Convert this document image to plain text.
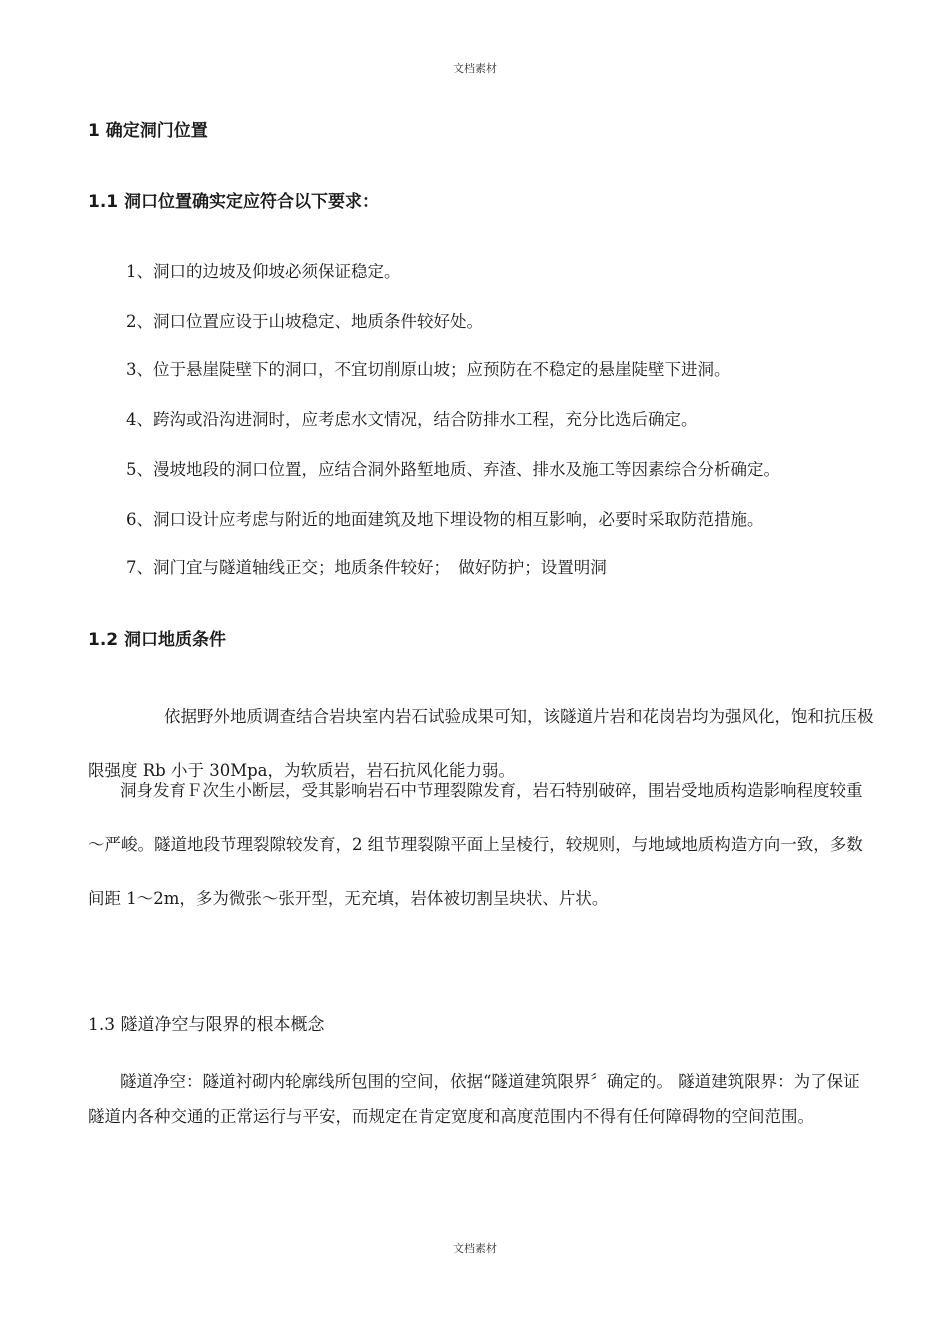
文档素材
1 确定洞门位置
1.1 洞口位置确实定应符合以下要求：
1、洞口的边坡及仰坡必须保证稳定。
2、洞口位置应设于山坡稳定、地质条件较好处。
3、位于悬崖陡壁下的洞口，不宜切削原山坡；应预防在不稳定的悬崖陡壁下进洞。
4、跨沟或沿沟进洞时，应考虑水文情况，结合防排水工程，充分比选后确定。
5、漫坡地段的洞口位置，应结合洞外路堑地质、弃渣、排水及施工等因素综合分析确定。
6、洞口设计应考虑与附近的地面建筑及地下埋设物的相互影响，必要时采取防范措施。
7、洞门宜与隧道轴线正交；地质条件较好；　做好防护；设置明洞
1.2 洞口地质条件
依据野外地质调查结合岩块室内岩石试验成果可知，该隧道片岩和花岗岩均为强风化，饱和抗压极限强度 Rb 小于 30Mpa，为软质岩，岩石抗风化能力弱。
洞身发育Ｆ次生小断层，受其影响岩石中节理裂隙发育，岩石特别破碎，围岩受地质构造影响程度较重～严峻。隧道地段节理裂隙较发育，2 组节理裂隙平面上呈棱行，较规则，与地域地质构造方向一致，多数间距 1～2m，多为微张～张开型，无充填，岩体被切割呈块状、片状。
1.3 隧道净空与限界的根本概念
隧道净空：隧道衬砌内轮廓线所包围的空间，依据“隧道建筑限界〞确定的。 隧道建筑限界：为了保证隧道内各种交通的正常运行与平安，而规定在肯定宽度和高度范围内不得有任何障碍物的空间范围。
文档素材
